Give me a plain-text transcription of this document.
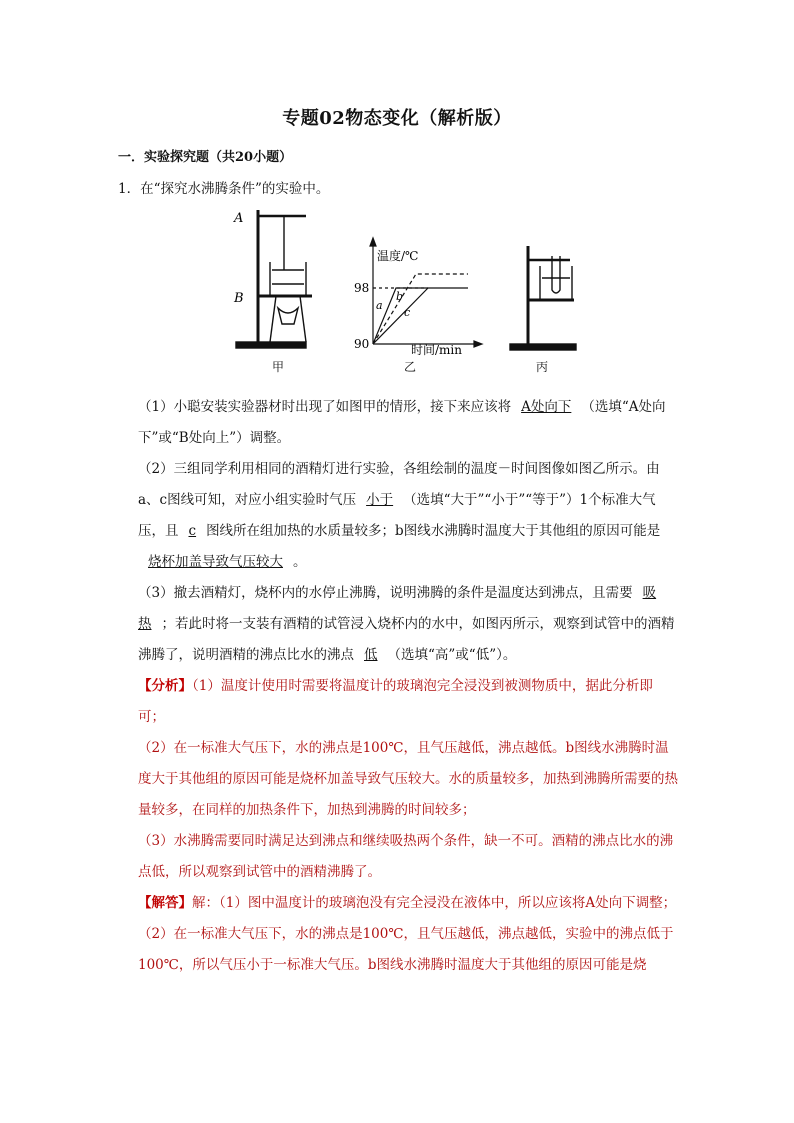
专题02物态变化（解析版）
一．实验探究题（共20小题）
1．在“探究水沸腾条件”的实验中。
A
B
温度/℃
时间/min
98
90
a
b
c
甲	乙	丙

（1）小聪安装实验器材时出现了如图甲的情形，接下来应该将 A处向下 （选填“A处向下”或“B处向上”）调整。

（2）三组同学利用相同的酒精灯进行实验，各组绘制的温度－时间图像如图乙所示。由a、c图线可知，对应小组实验时气压 小于 （选填“大于”“小于”“等于”）1个标准大气压，且 c 图线所在组加热的水质量较多；b图线水沸腾时温度大于其他组的原因可能是烧杯加盖导致气压较大 。

（3）撤去酒精灯，烧杯内的水停止沸腾，说明沸腾的条件是温度达到沸点，且需要 吸热 ；若此时将一支装有酒精的试管浸入烧杯内的水中，如图丙所示，观察到试管中的酒精沸腾了，说明酒精的沸点比水的沸点 低 （选填“高”或“低”）。

【分析】（1）温度计使用时需要将温度计的玻璃泡完全浸没到被测物质中，据此分析即可；

（2）在一标准大气压下，水的沸点是100℃，且气压越低，沸点越低。b图线水沸腾时温度大于其他组的原因可能是烧杯加盖导致气压较大。水的质量较多，加热到沸腾所需要的热量较多，在同样的加热条件下，加热到沸腾的时间较多；

（3）水沸腾需要同时满足达到沸点和继续吸热两个条件，缺一不可。酒精的沸点比水的沸点低，所以观察到试管中的酒精沸腾了。

【解答】解：（1）图中温度计的玻璃泡没有完全浸没在液体中，所以应该将A处向下调整；

（2）在一标准大气压下，水的沸点是100℃，且气压越低，沸点越低，实验中的沸点低于100℃，所以气压小于一标准大气压。b图线水沸腾时温度大于其他组的原因可能是烧
